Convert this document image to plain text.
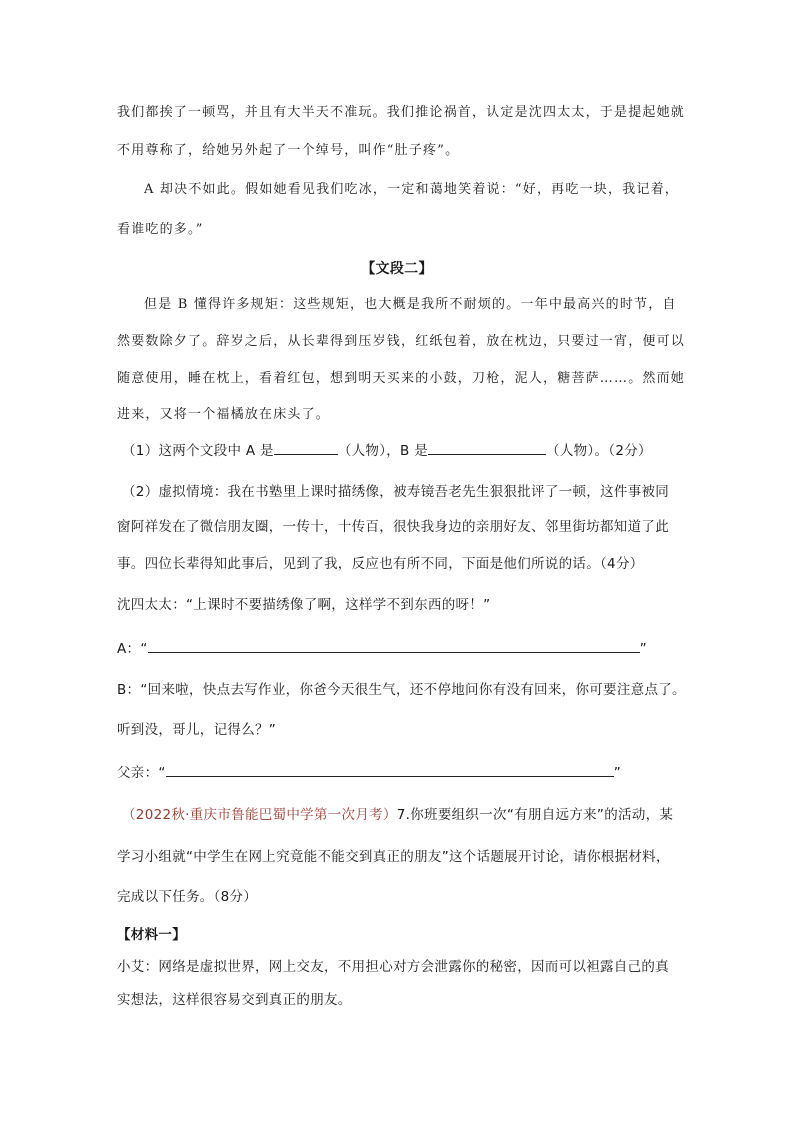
我们都挨了一顿骂，并且有大半天不准玩。我们推论祸首，认定是沈四太太，于是提起她就
不用尊称了，给她另外起了一个绰号，叫作“肚子疼”。
A 却决不如此。假如她看见我们吃冰，一定和蔼地笑着说：“好，再吃一块，我记着，
看谁吃的多。”
【文段二】
但是 B 懂得许多规矩：这些规矩，也大概是我所不耐烦的。一年中最高兴的时节，自
然要数除夕了。辞岁之后，从长辈得到压岁钱，红纸包着，放在枕边，只要过一宵，便可以
随意使用，睡在枕上，看着红包，想到明天买来的小鼓，刀枪，泥人，糖菩萨……。然而她
进来，又将一个福橘放在床头了。
（1）这两个文段中 A 是	（人物），B 是	（人物）。（2分）
（2）虚拟情境：我在书塾里上课时描绣像，被寿镜吾老先生狠狠批评了一顿，这件事被同
窗阿祥发在了微信朋友圈，一传十，十传百，很快我身边的亲朋好友、邻里街坊都知道了此
事。四位长辈得知此事后，见到了我，反应也有所不同，下面是他们所说的话。（4分）
沈四太太：“上课时不要描绣像了啊，这样学不到东西的呀！”
A：“	”
B：“回来啦，快点去写作业，你爸今天很生气，还不停地问你有没有回来，你可要注意点了。
听到没，哥儿，记得么？”
父亲：“	”
（2022秋·重庆市鲁能巴蜀中学第一次月考）7.你班要组织一次“有朋自远方来”的活动，某
学习小组就“中学生在网上究竟能不能交到真正的朋友”这个话题展开讨论，请你根据材料，
完成以下任务。（8分）
【材料一】
小艾：网络是虚拟世界，网上交友，不用担心对方会泄露你的秘密，因而可以袒露自己的真
实想法，这样很容易交到真正的朋友。
